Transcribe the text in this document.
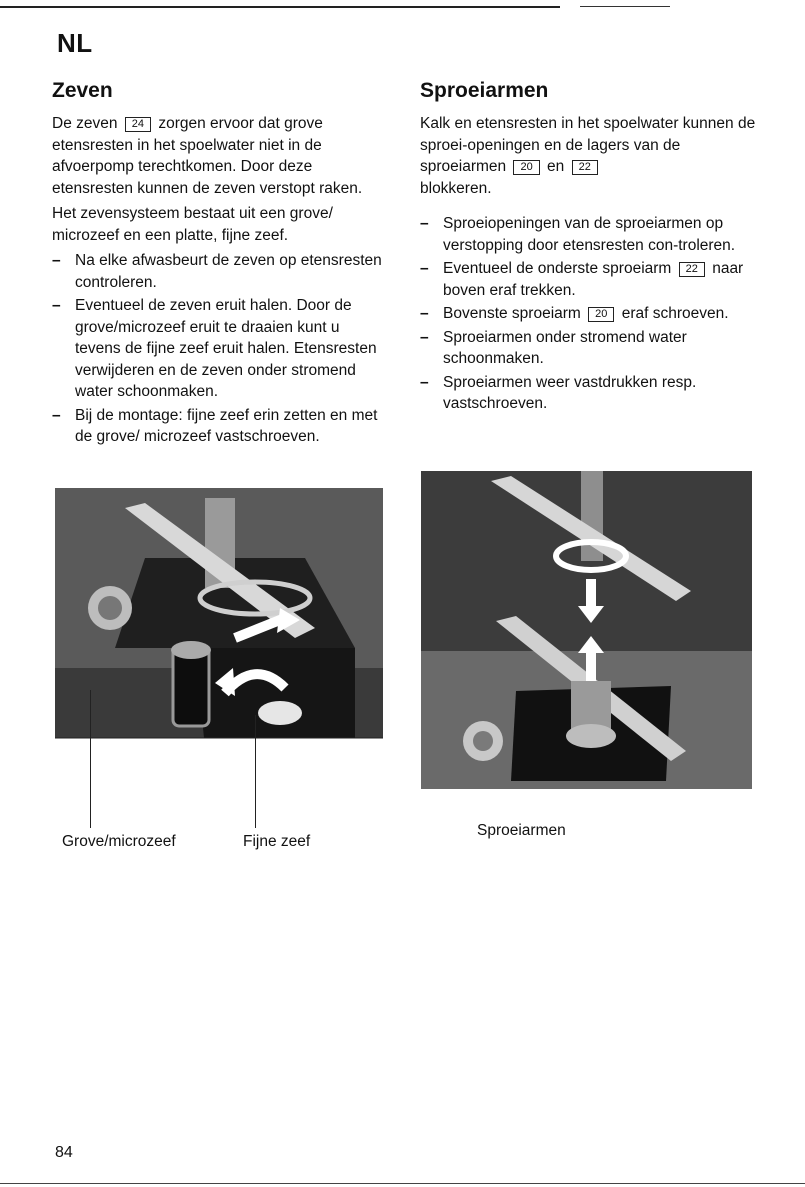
NL
Zeven

De zeven 24 zorgen ervoor dat grove etensresten in het spoelwater niet in de afvoerpomp terechtkomen. Door deze etensresten kunnen de zeven verstopt raken.

Het zevensysteem bestaat uit een grove/ microzeef en een platte, fijne zeef.

– Na elke afwasbeurt de zeven op etensresten controleren.
– Eventueel de zeven eruit halen. Door de grove/microzeef eruit te draaien kunt u tevens de fijne zeef eruit halen. Etensresten verwijderen en de zeven onder stromend water schoonmaken.
– Bij de montage: fijne zeef erin zetten en met de grove/ microzeef vastschroeven.
Grove/microzeef	Fijne zeef
Sproeiarmen

Kalk en etensresten in het spoelwater kunnen de sproei-openingen en de lagers van de sproeiarmen 20 en 22
blokkeren.

– Sproeiopeningen van de sproeiarmen op verstopping door etensresten con-troleren.
– Eventueel de onderste sproeiarm 22 naar boven eraf trekken.
– Bovenste sproeiarm 20 eraf schroeven.
– Sproeiarmen onder stromend water schoonmaken.
– Sproeiarmen weer vastdrukken resp. vastschroeven.
Sproeiarmen
84
